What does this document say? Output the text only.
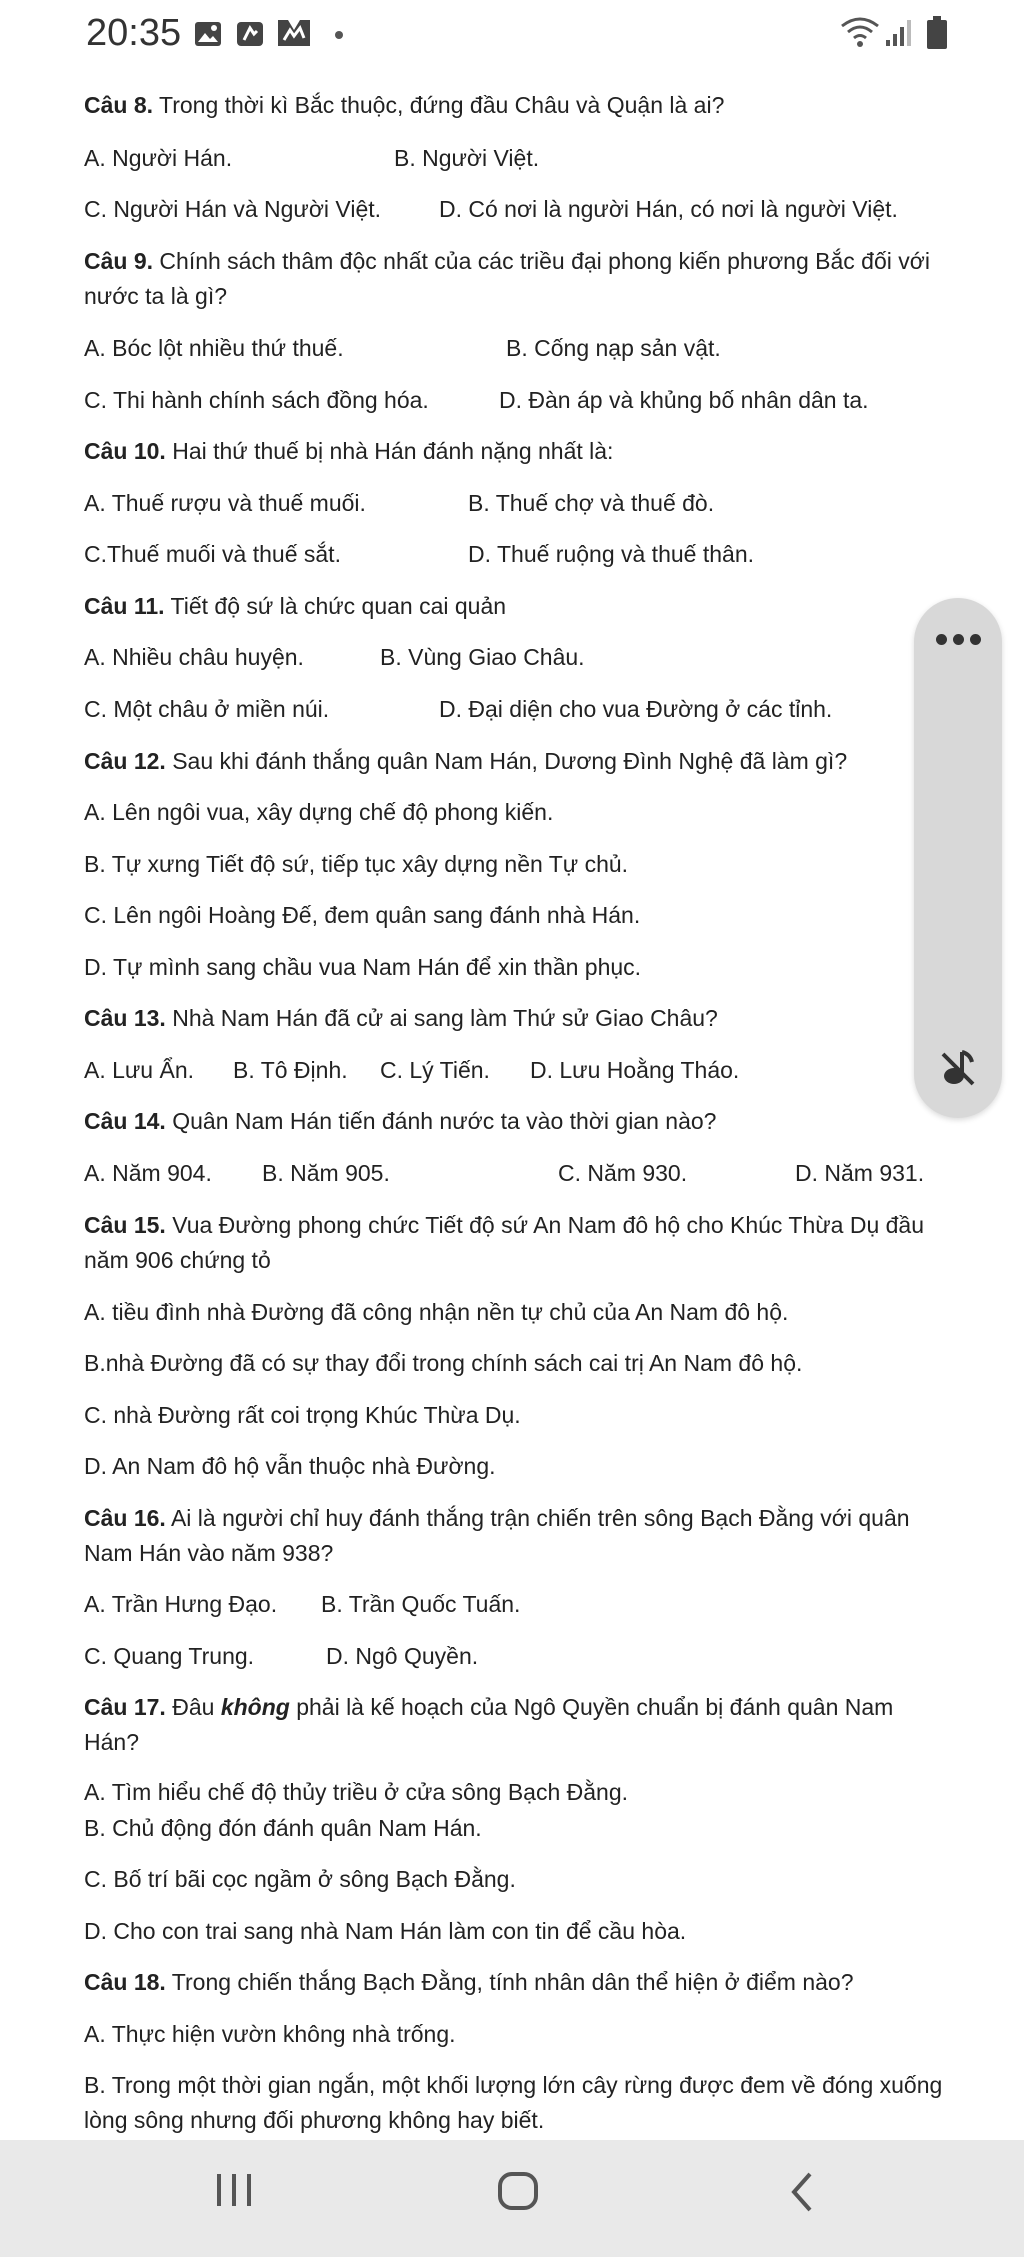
20:35
Câu 8. Trong thời kì Bắc thuộc, đứng đầu Châu và Quận là ai?
A. Người Hán.	B. Người Việt.
C. Người Hán và Người Việt.	D. Có nơi là người Hán, có nơi là người Việt.
Câu 9. Chính sách thâm độc nhất của các triều đại phong kiến phương Bắc đối với
nước ta là gì?
A. Bóc lột nhiều thứ thuế.	B. Cống nạp sản vật.
C. Thi hành chính sách đồng hóa.	D. Đàn áp và khủng bố nhân dân ta.
Câu 10. Hai thứ thuế bị nhà Hán đánh nặng nhất là:
A. Thuế rượu và thuế muối.	B. Thuế chợ và thuế đò.
C.Thuế muối và thuế sắt.	D. Thuế ruộng và thuế thân.
Câu 11. Tiết độ sứ là chức quan cai quản
A. Nhiều châu huyện.	B. Vùng Giao Châu.
C. Một châu ở miền núi.	D. Đại diện cho vua Đường ở các tỉnh.
Câu 12. Sau khi đánh thắng quân Nam Hán, Dương Đình Nghệ đã làm gì?
A. Lên ngôi vua, xây dựng chế độ phong kiến.
B. Tự xưng Tiết độ sứ, tiếp tục xây dựng nền Tự chủ.
C. Lên ngôi Hoàng Đế, đem quân sang đánh nhà Hán.
D. Tự mình sang chầu vua Nam Hán để xin thần phục.
Câu 13. Nhà Nam Hán đã cử ai sang làm Thứ sử Giao Châu?
A. Lưu Ẩn. B. Tô Định. C. Lý Tiến. D. Lưu Hoằng Tháo.
Câu 14. Quân Nam Hán tiến đánh nước ta vào thời gian nào?
A. Năm 904. B. Năm 905.	C. Năm 930.	D. Năm 931.
Câu 15. Vua Đường phong chức Tiết độ sứ An Nam đô hộ cho Khúc Thừa Dụ đầu
năm 906 chứng tỏ
A. tiều đình nhà Đường đã công nhận nền tự chủ của An Nam đô hộ.
B.nhà Đường đã có sự thay đổi trong chính sách cai trị An Nam đô hộ.
C. nhà Đường rất coi trọng Khúc Thừa Dụ.
D. An Nam đô hộ vẫn thuộc nhà Đường.
Câu 16. Ai là người chỉ huy đánh thắng trận chiến trên sông Bạch Đằng với quân
Nam Hán vào năm 938?
A. Trần Hưng Đạo. B. Trần Quốc Tuấn.
C. Quang Trung.	D. Ngô Quyền.
Câu 17. Đâu không phải là kế hoạch của Ngô Quyền chuẩn bị đánh quân Nam
Hán?
A. Tìm hiểu chế độ thủy triều ở cửa sông Bạch Đằng.
B. Chủ động đón đánh quân Nam Hán.
C. Bố trí bãi cọc ngầm ở sông Bạch Đằng.
D. Cho con trai sang nhà Nam Hán làm con tin để cầu hòa.
Câu 18. Trong chiến thắng Bạch Đằng, tính nhân dân thể hiện ở điểm nào?
A. Thực hiện vườn không nhà trống.
B. Trong một thời gian ngắn, một khối lượng lớn cây rừng được đem về đóng xuống
lòng sông nhưng đối phương không hay biết.
